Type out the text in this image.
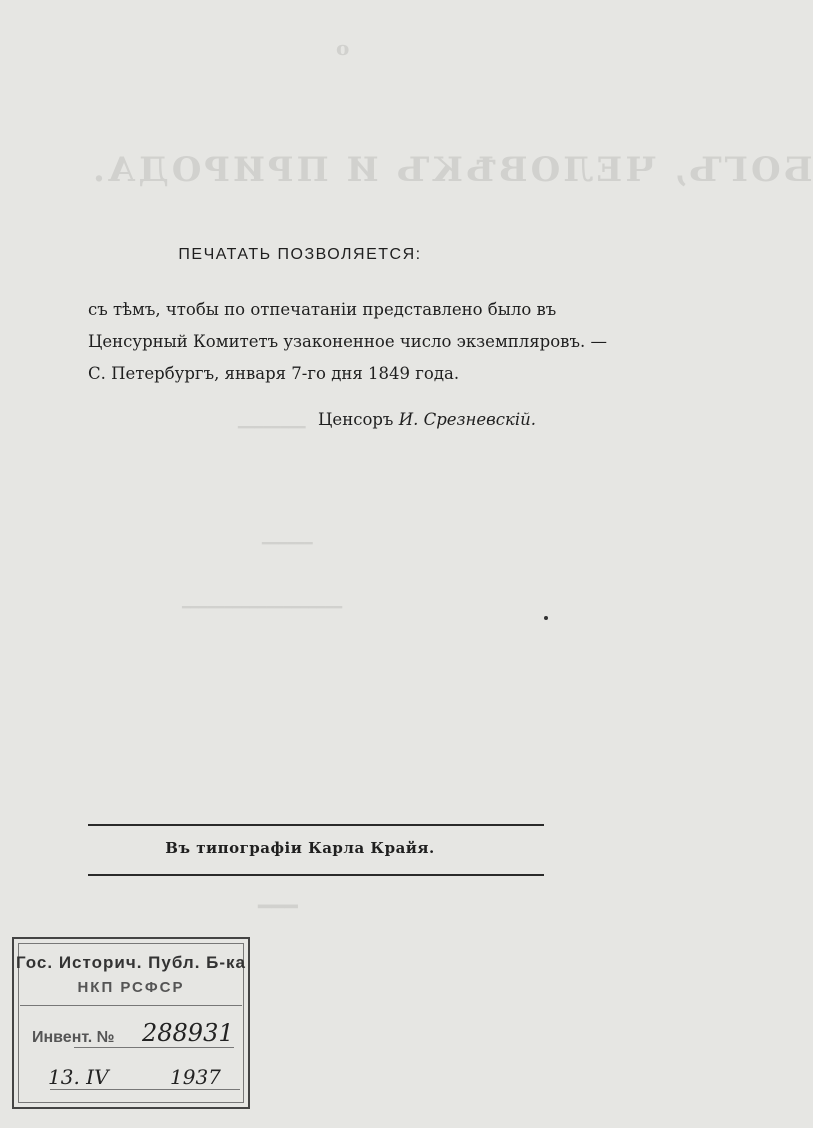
о
БОГЪ, ЧЕЛОВѢКЪ И ПРИРОДА.
━━━━━━━━
━━━━━━
━━━━━━━━━━━━━━━━━━━
━━━
ПЕЧАТАТЬ ПОЗВОЛЯЕТСЯ:
съ тѣмъ, чтобы по отпечатаніи представлено было въ
Ценсурный Комитетъ узаконенное число экземпляровъ. —
С. Петербургъ, января 7-го дня 1849 года.
Ценсоръ И. Срезневскій.
Въ типографіи Карла Крайя.
Гос. Историч. Публ. Б-ка
НКП РСФСР
Инвент. № 288931
13. IV	1937
